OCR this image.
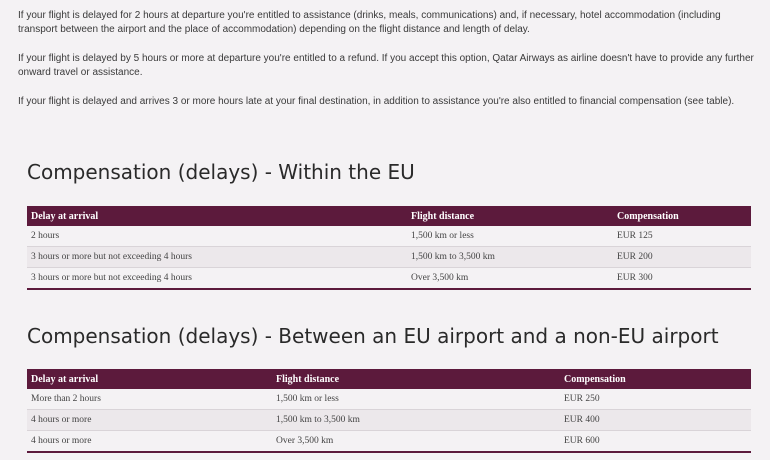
If your flight is delayed for 2 hours at departure you're entitled to assistance (drinks, meals, communications) and, if necessary, hotel accommodation (including transport between the airport and the place of accommodation) depending on the flight distance and length of delay.

If your flight is delayed by 5 hours or more at departure you're entitled to a refund. If you accept this option, Qatar Airways as airline doesn't have to provide any further onward travel or assistance.

If your flight is delayed and arrives 3 or more hours late at your final destination, in addition to assistance you're also entitled to financial compensation (see table).

Compensation (delays) - Within the EU
Delay at arrival	Flight distance	Compensation
2 hours	1,500 km or less	EUR 125
3 hours or more but not exceeding 4 hours	1,500 km to 3,500 km	EUR 200
3 hours or more but not exceeding 4 hours	Over 3,500 km	EUR 300
Compensation (delays) - Between an EU airport and a non-EU airport
Delay at arrival	Flight distance	Compensation
More than 2 hours	1,500 km or less	EUR 250
4 hours or more	1,500 km to 3,500 km	EUR 400
4 hours or more	Over 3,500 km	EUR 600
